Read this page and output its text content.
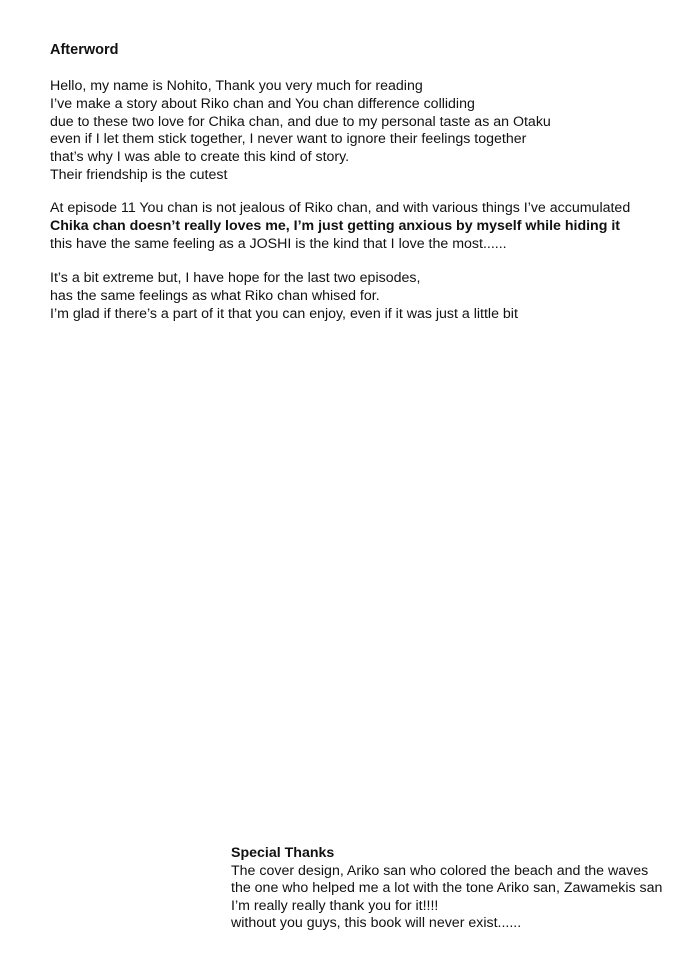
Afterword

Hello, my name is Nohito, Thank you very much for reading

I’ve make a story about Riko chan and You chan difference colliding

due to these two love for Chika chan, and due to my personal taste as an Otaku

even if I let them stick together, I never want to ignore their feelings together

that’s why I was able to create this kind of story.

Their friendship is the cutest

At episode 11 You chan is not jealous of Riko chan, and with various things I’ve accumulated

Chika chan doesn’t really loves me, I’m just getting anxious by myself while hiding it

this have the same feeling as a JOSHI is the kind that I love the most......

It’s a bit extreme but, I have hope for the last two episodes,

has the same feelings as what Riko chan whised for.

I’m glad if there’s a part of it that you can enjoy, even if it was just a little bit

Special Thanks

The cover design, Ariko san who colored the beach and the waves

the one who helped me a lot with the tone Ariko san, Zawamekis san

I’m really really thank you for it!!!!

without you guys, this book will never exist......
